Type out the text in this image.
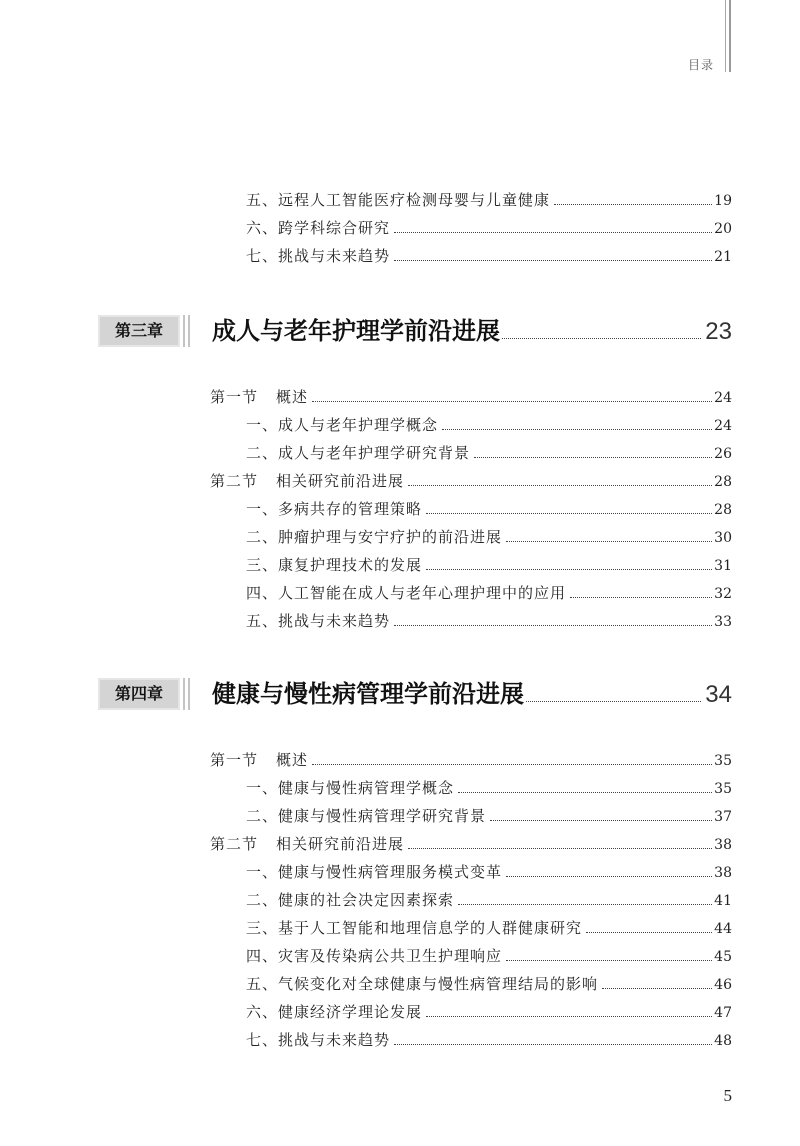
目录
五、远程人工智能医疗检测母婴与儿童健康	19
六、跨学科综合研究	20
七、挑战与未来趋势	21
第三章	成人与老年护理学前沿进展	23
第一节 概述	24
一、成人与老年护理学概念	24
二、成人与老年护理学研究背景	26
第二节 相关研究前沿进展	28
一、多病共存的管理策略	28
二、肿瘤护理与安宁疗护的前沿进展	30
三、康复护理技术的发展	31
四、人工智能在成人与老年心理护理中的应用	32
五、挑战与未来趋势	33
第四章	健康与慢性病管理学前沿进展	34
第一节 概述	35
一、健康与慢性病管理学概念	35
二、健康与慢性病管理学研究背景	37
第二节 相关研究前沿进展	38
一、健康与慢性病管理服务模式变革	38
二、健康的社会决定因素探索	41
三、基于人工智能和地理信息学的人群健康研究	44
四、灾害及传染病公共卫生护理响应	45
五、气候变化对全球健康与慢性病管理结局的影响	46
六、健康经济学理论发展	47
七、挑战与未来趋势	48
5
